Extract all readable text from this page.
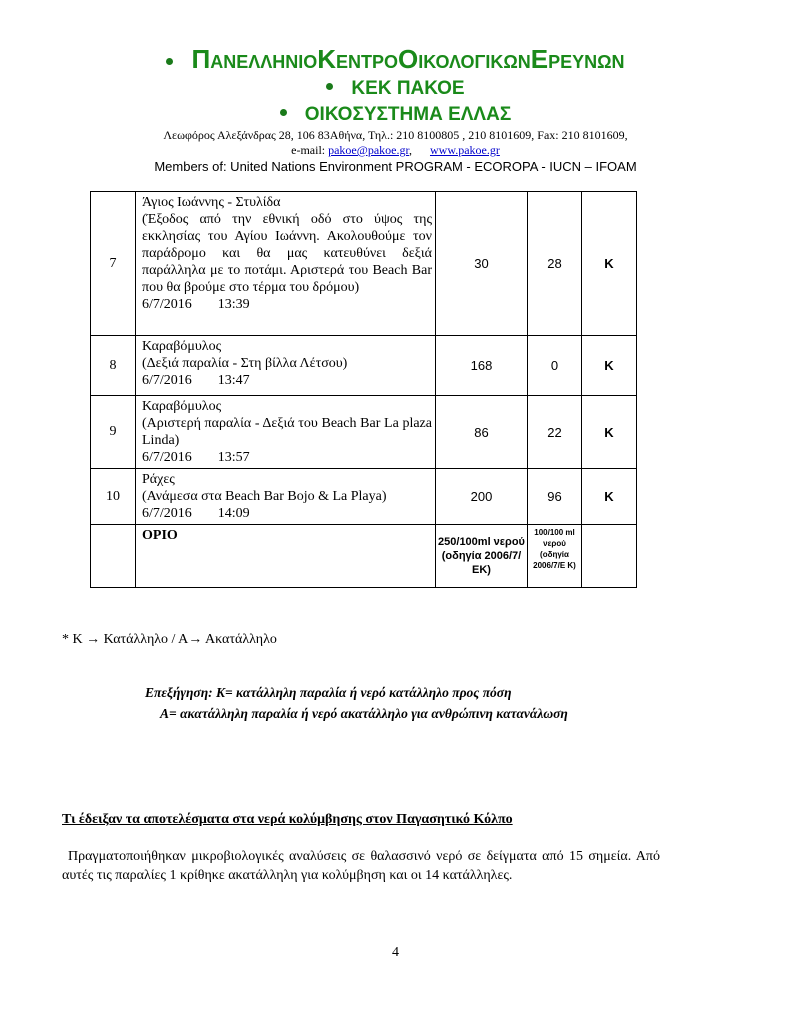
ΠΑΝΕΛΛΗΝΙΟΚΕΝΤΡΟΟΙΚΟΛΟΓΙΚΩΝΕΡΕΥΝΩΝ
ΚΕΚ ΠΑΚΟΕ
ΟΙΚΟΣΥΣΤΗΜΑ ΕΛΛΑΣ
Λεωφόρος Αλεξάνδρας 28, 106 83Αθήνα, Τηλ.: 210 8100805 , 210 8101609, Fax: 210 8101609,
e-mail: pakoe@pakoe.gr, www.pakoe.gr
Members of: United Nations Environment PROGRAM - ECOROPA - IUCN – IFOAM
7	Άγιος Ιωάννης - Στυλίδα
(Έξοδος από την εθνική οδό στο ύψος της εκκλησίας του Αγίου Ιωάννη. Ακολουθούμε τον παράδρομο και θα μας κατευθύνει δεξιά παράλληλα με το ποτάμι. Αριστερά του Beach Bar που θα βρούμε στο τέρμα του δρόμου)
6/7/2016 13:39	30	28	K
8	Καραβόμυλος
(Δεξιά παραλία - Στη βίλλα Λέτσου)
6/7/2016 13:47	168	0	K
9	Καραβόμυλος
(Αριστερή παραλία - Δεξιά του Beach Bar La plaza Linda)
6/7/2016 13:57	86	22	K
10	Ράχες
(Ανάμεσα στα Beach Bar Bojo & La Playa)
6/7/2016 14:09	200	96	K
	ΟΡΙΟ	250/100ml νερού (οδηγία 2006/7/ΕΚ)	100/100 ml νερού (οδηγία 2006/7/Ε Κ)	
* Κ → Κατάλληλο / Α→ Ακατάλληλο
Επεξήγηση: Κ= κατάλληλη παραλία ή νερό κατάλληλο προς πόση
Α= ακατάλληλη παραλία ή νερό ακατάλληλο για ανθρώπινη κατανάλωση
Τι έδειξαν τα αποτελέσματα στα νερά κολύμβησης στον Παγασητικό Κόλπο
Πραγματοποιήθηκαν μικροβιολογικές αναλύσεις σε θαλασσινό νερό σε δείγματα από 15 σημεία. Από αυτές τις παραλίες 1 κρίθηκε ακατάλληλη για κολύμβηση και οι 14 κατάλληλες.
4
